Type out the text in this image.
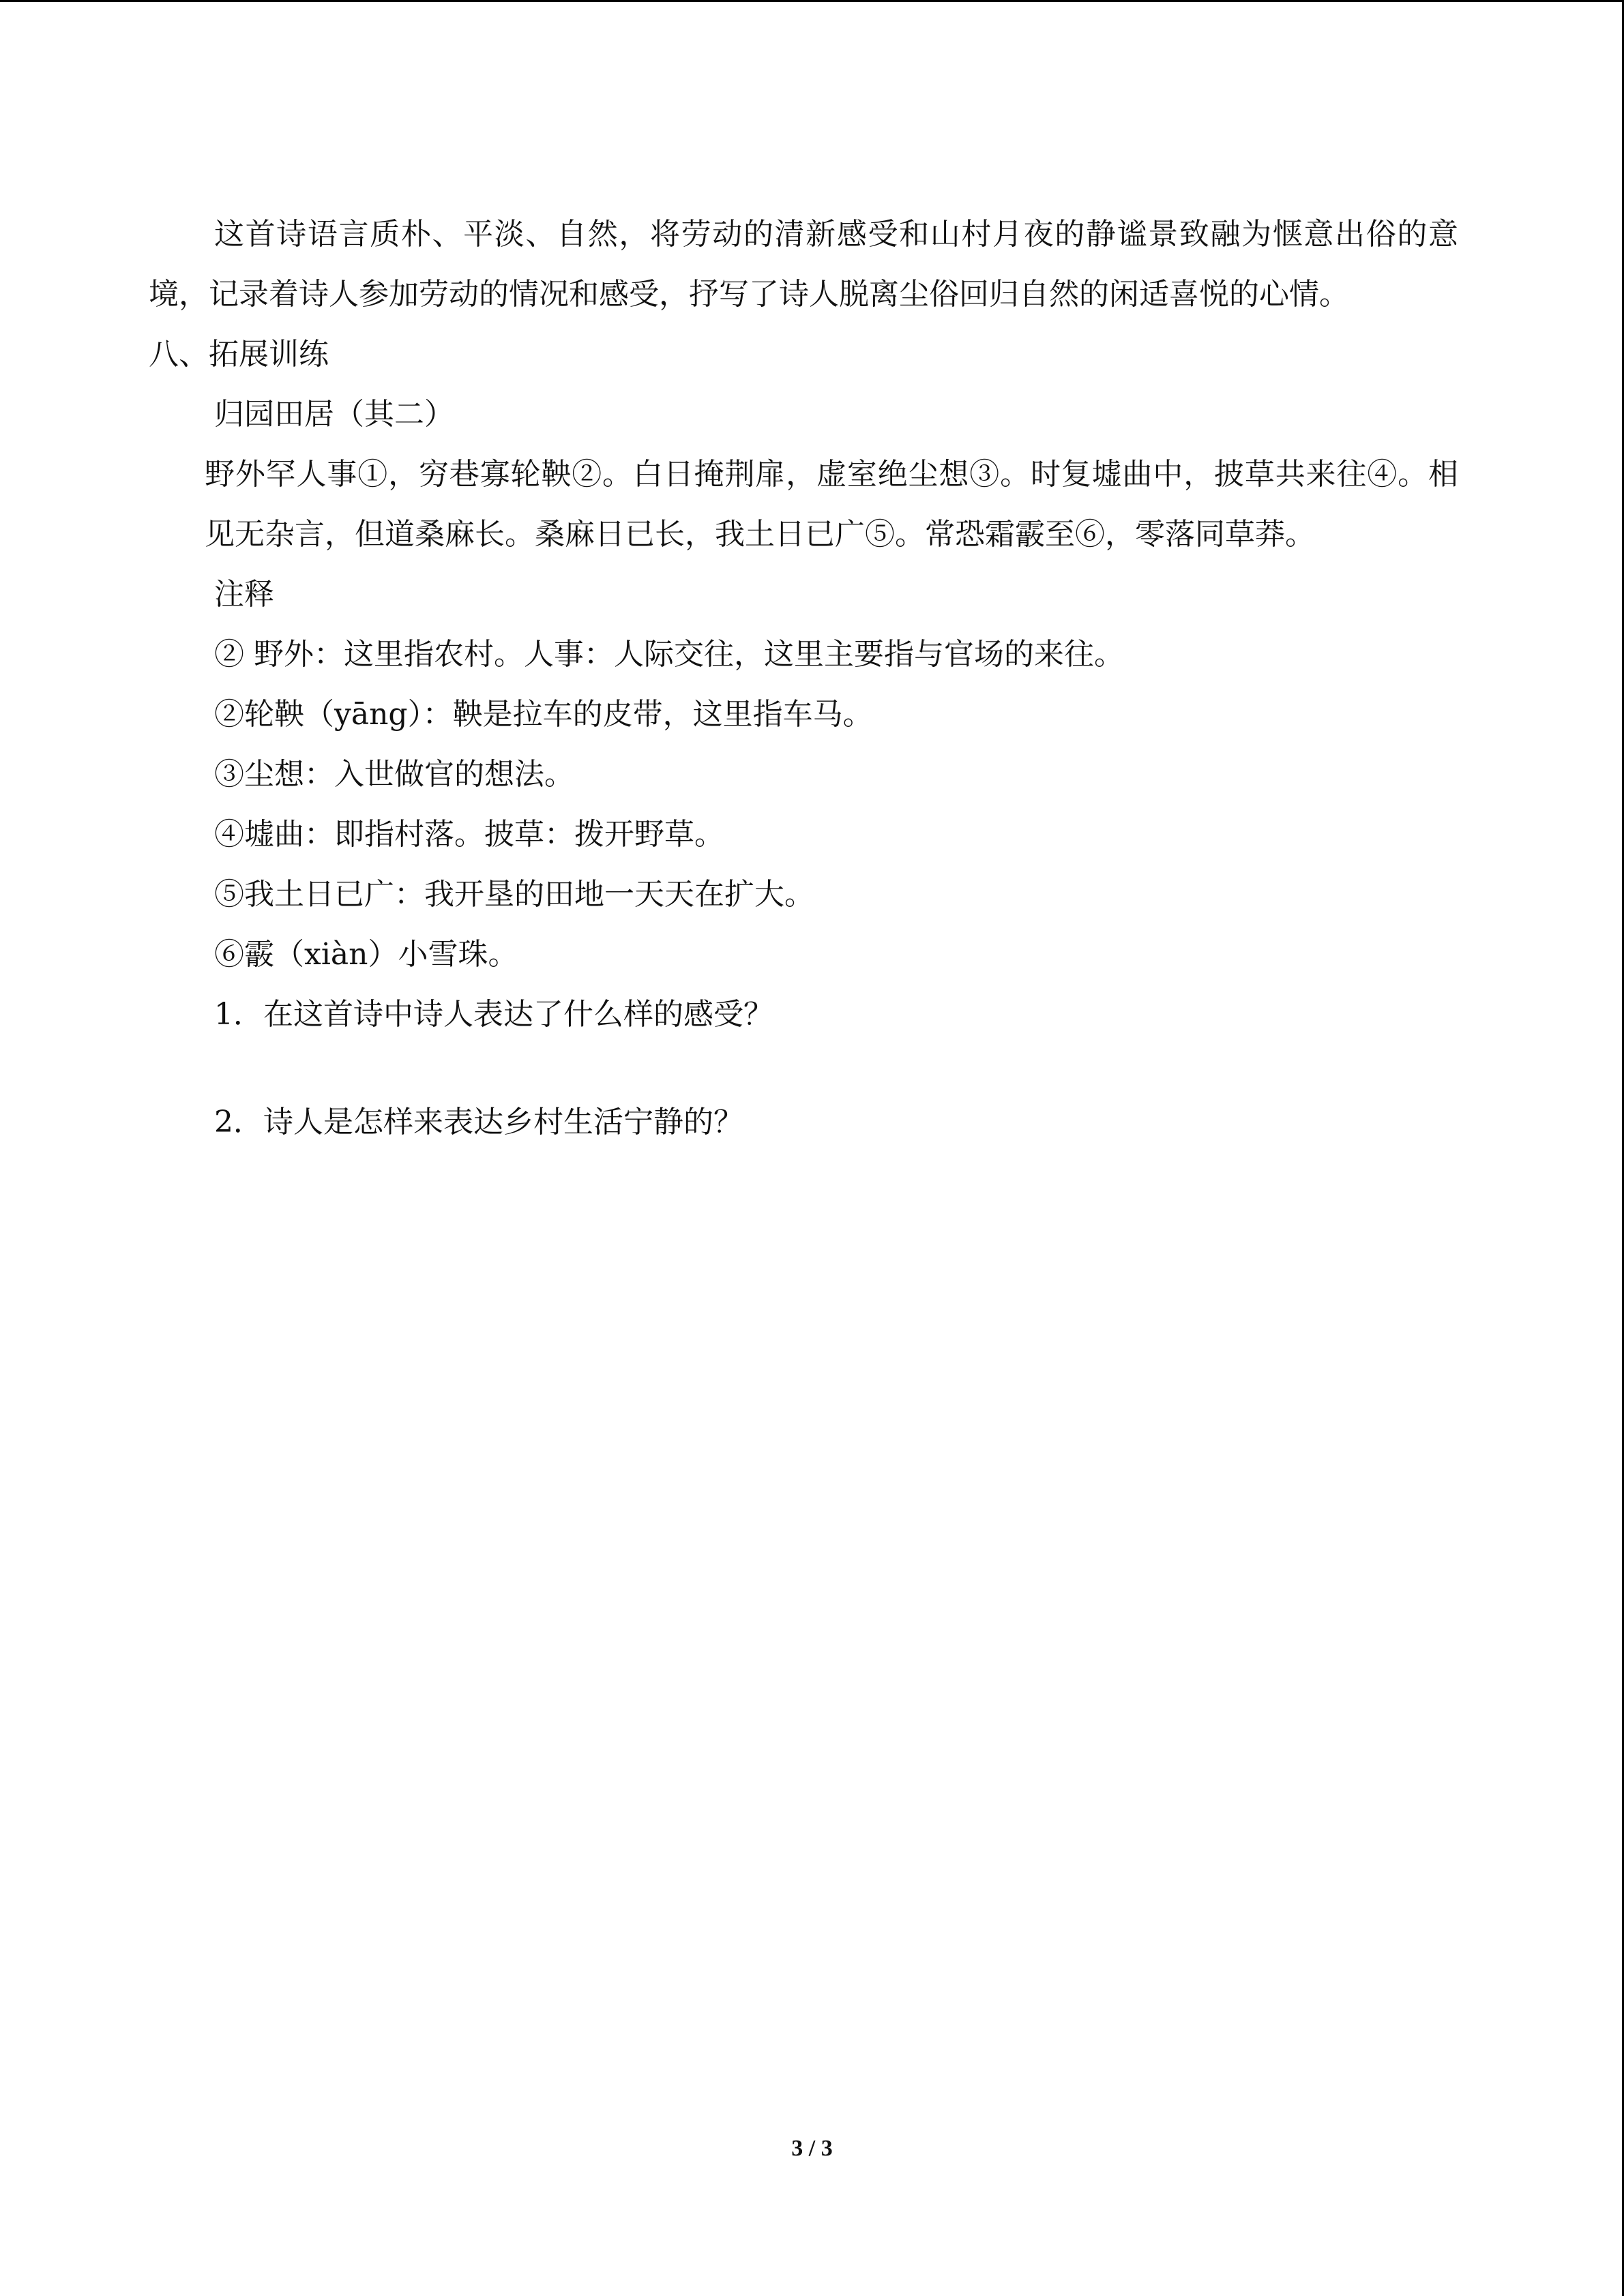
这首诗语言质朴、平淡、自然，将劳动的清新感受和山村月夜的静谧景致融为惬意出俗的意境，记录着诗人参加劳动的情况和感受，抒写了诗人脱离尘俗回归自然的闲适喜悦的心情。

八、拓展训练

归园田居（其二）

野外罕人事①，穷巷寡轮鞅②。白日掩荆扉，虚室绝尘想③。时复墟曲中，披草共来往④。相见无杂言，但道桑麻长。桑麻日已长，我土日已广⑤。常恐霜霰至⑥，零落同草莽。

注释

② 野外：这里指农村。人事：人际交往，这里主要指与官场的来往。

②轮鞅（yāng）：鞅是拉车的皮带，这里指车马。

③尘想：入世做官的想法。

④墟曲：即指村落。披草：拨开野草。

⑤我土日已广：我开垦的田地一天天在扩大。

⑥霰（xiàn）小雪珠。

1．在这首诗中诗人表达了什么样的感受？

2．诗人是怎样来表达乡村生活宁静的？

3 / 3
